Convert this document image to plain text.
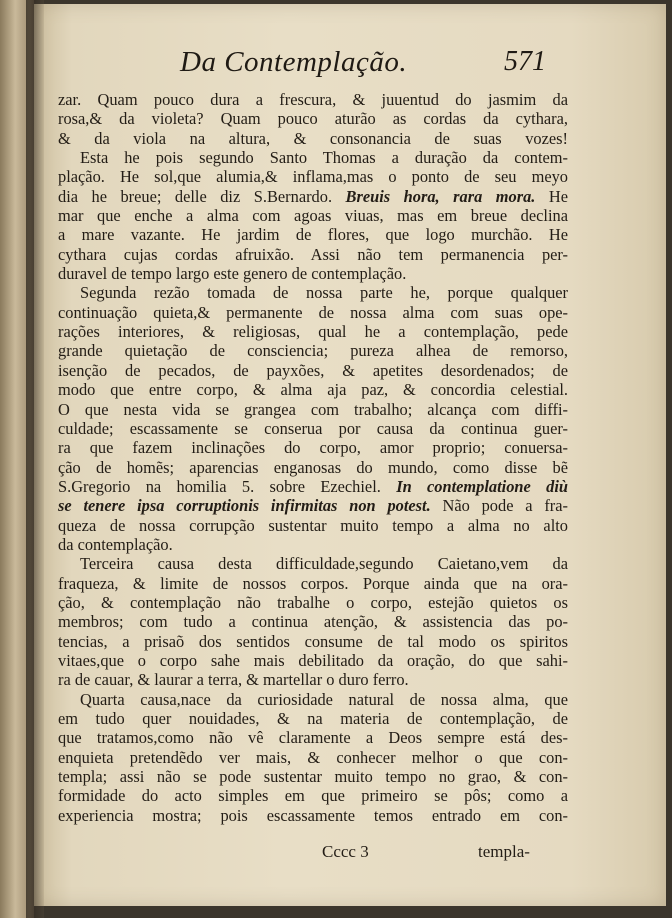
Da Contemplação.	571
zar. Quam pouco dura a frescura, & juuentud do jasmim da
rosa,& da violeta? Quam pouco aturão as cordas da cythara,
& da viola na altura, & consonancia de suas vozes!
Esta he pois segundo Santo Thomas a duração da contem-
plação. He sol,que alumia,& inflama,mas o ponto de seu meyo
dia he breue; delle diz S.Bernardo. Breuis hora, rara mora. He
mar que enche a alma com agoas viuas, mas em breue declina
a mare vazante. He jardim de flores, que logo murchão. He
cythara cujas cordas afruixão. Assi não tem permanencia per-
duravel de tempo largo este genero de contemplação.
Segunda rezão tomada de nossa parte he, porque qualquer
continuação quieta,& permanente de nossa alma com suas ope-
rações interiores, & religiosas, qual he a contemplação, pede
grande quietação de consciencia; pureza alhea de remorso,
isenção de pecados, de payxões, & apetites desordenados; de
modo que entre corpo, & alma aja paz, & concordia celestial.
O que nesta vida se grangea com trabalho; alcança com diffi-
culdade; escassamente se conserua por causa da continua guer-
ra que fazem inclinações do corpo, amor proprio; conuersa-
ção de homẽs; aparencias enganosas do mundo, como disse bẽ
S.Gregorio na homilia 5. sobre Ezechiel. In contemplatione diù
se tenere ipsa corruptionis infirmitas non potest. Não pode a fra-
queza de nossa corrupção sustentar muito tempo a alma no alto
da contemplação.
Terceira causa desta difficuldade,segundo Caietano,vem da
fraqueza, & limite de nossos corpos. Porque ainda que na ora-
ção, & contemplação não trabalhe o corpo, estejão quietos os
membros; com tudo a continua atenção, & assistencia das po-
tencias, a prisaõ dos sentidos consume de tal modo os spiritos
vitaes,que o corpo sahe mais debilitado da oração, do que sahi-
ra de cauar, & laurar a terra, & martellar o duro ferro.
Quarta causa,nace da curiosidade natural de nossa alma, que
em tudo quer nouidades, & na materia de contemplação, de
que tratamos,como não vê claramente a Deos sempre está des-
enquieta pretendẽdo ver mais, & conhecer melhor o que con-
templa; assi não se pode sustentar muito tempo no grao, & con-
formidade do acto simples em que primeiro se pôs; como a
experiencia mostra; pois escassamente temos entrado em con-
Cccc 3	templa-
